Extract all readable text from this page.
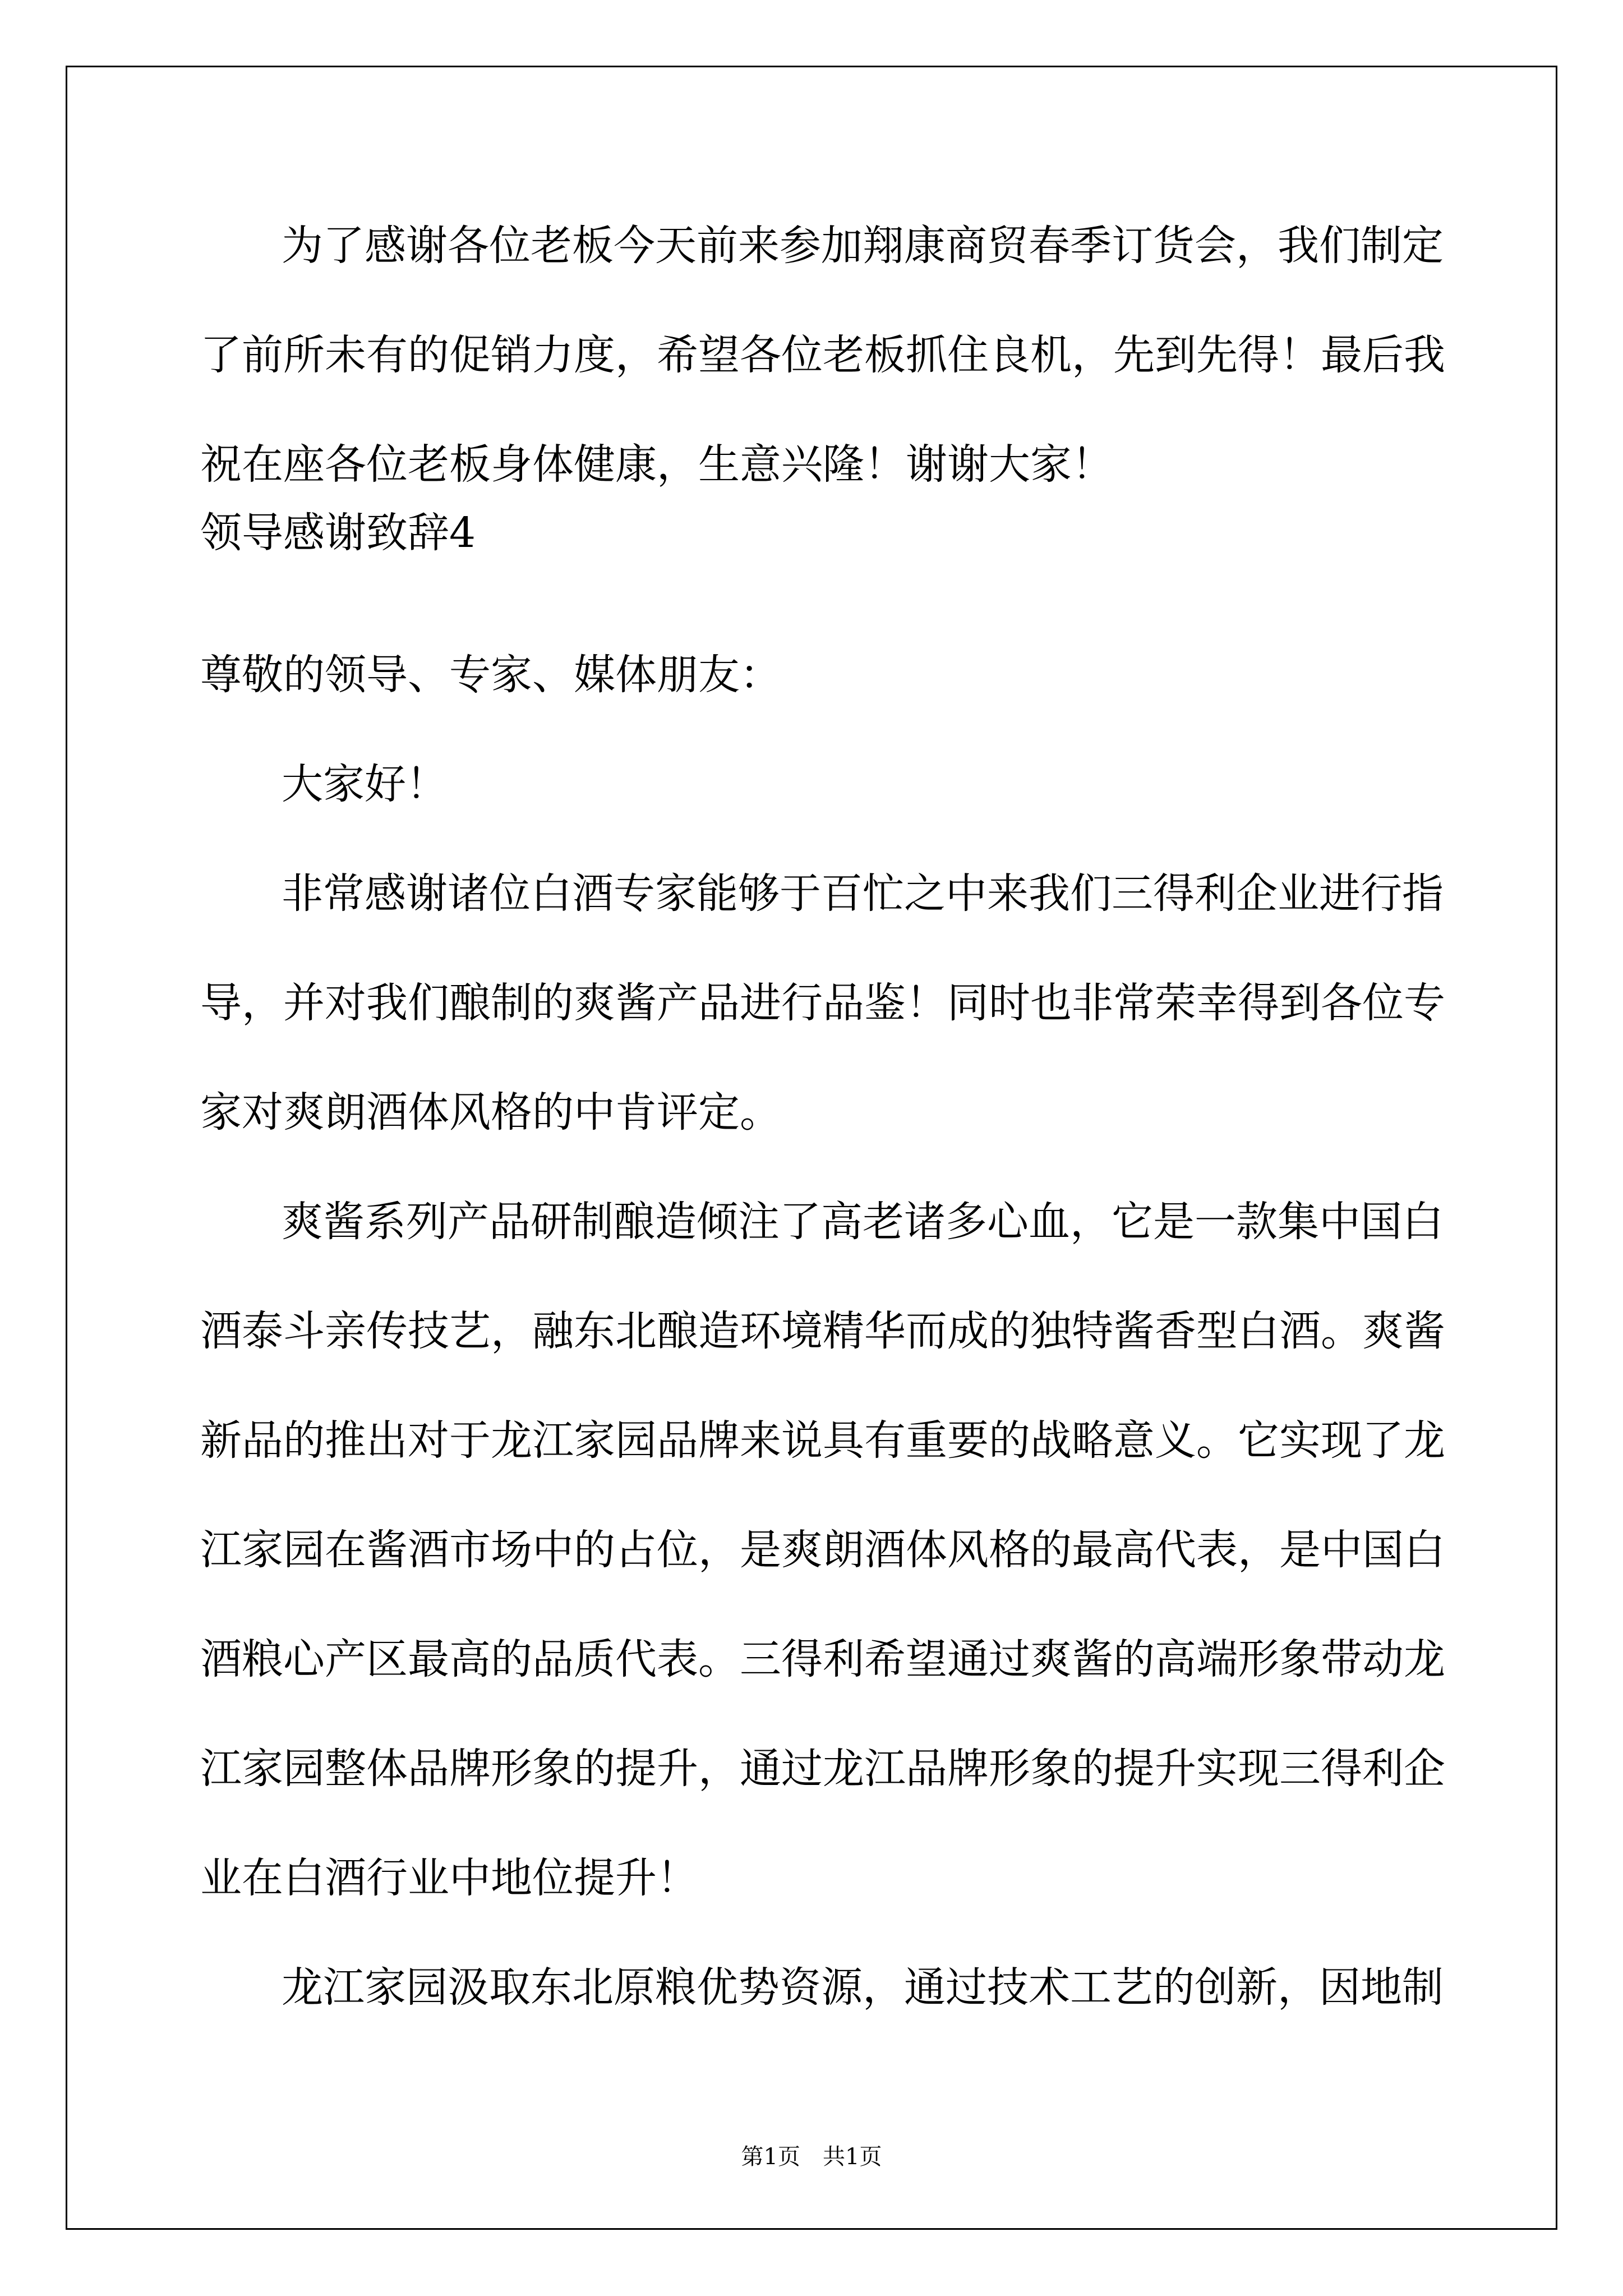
为了感谢各位老板今天前来参加翔康商贸春季订货会，我们制定

了前所未有的促销力度，希望各位老板抓住良机，先到先得！最后我

祝在座各位老板身体健康，生意兴隆！谢谢大家！

领导感谢致辞4

尊敬的领导、专家、媒体朋友：

大家好！

非常感谢诸位白酒专家能够于百忙之中来我们三得利企业进行指

导，并对我们酿制的爽酱产品进行品鉴！同时也非常荣幸得到各位专

家对爽朗酒体风格的中肯评定。

爽酱系列产品研制酿造倾注了高老诸多心血，它是一款集中国白

酒泰斗亲传技艺，融东北酿造环境精华而成的独特酱香型白酒。爽酱

新品的推出对于龙江家园品牌来说具有重要的战略意义。它实现了龙

江家园在酱酒市场中的占位，是爽朗酒体风格的最高代表，是中国白

酒粮心产区最高的品质代表。三得利希望通过爽酱的高端形象带动龙

江家园整体品牌形象的提升，通过龙江品牌形象的提升实现三得利企

业在白酒行业中地位提升！

龙江家园汲取东北原粮优势资源，通过技术工艺的创新，因地制

第1页　共1页
